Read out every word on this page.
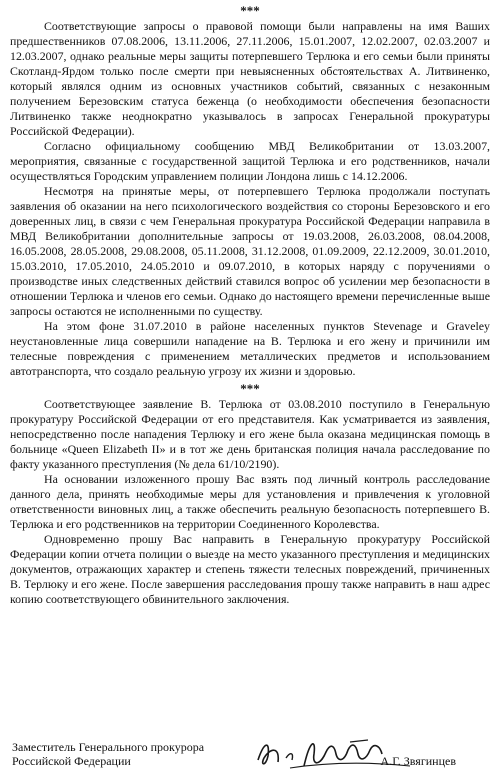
***

Соответствующие запросы о правовой помощи были направлены на имя Ваших предшественников 07.08.2006, 13.11.2006, 27.11.2006, 15.01.2007, 12.02.2007, 02.03.2007 и 12.03.2007, однако реальные меры защиты потерпевшего Терлюка и его семьи были приняты Скотланд-Ярдом только после смерти при невыясненных обстоятельствах А. Литвиненко, который являлся одним из основных участников событий, связанных с незаконным получением Березовским статуса беженца (о необходимости обеспечения безопасности Литвиненко также неоднократно указывалось в запросах Генеральной прокуратуры Российской Федерации).

Согласно официальному сообщению МВД Великобритании от 13.03.2007, мероприятия, связанные с государственной защитой Терлюка и его родственников, начали осуществляться Городским управлением полиции Лондона лишь с 14.12.2006.

Несмотря на принятые меры, от потерпевшего Терлюка продолжали поступать заявления об оказании на него психологического воздействия со стороны Березовского и его доверенных лиц, в связи с чем Генеральная прокуратура Российской Федерации направила в МВД Великобритании дополнительные запросы от 19.03.2008, 26.03.2008, 08.04.2008, 16.05.2008, 28.05.2008, 29.08.2008, 05.11.2008, 31.12.2008, 01.09.2009, 22.12.2009, 30.01.2010, 15.03.2010, 17.05.2010, 24.05.2010 и 09.07.2010, в которых наряду с поручениями о производстве иных следственных действий ставился вопрос об усилении мер безопасности в отношении Терлюка и членов его семьи. Однако до настоящего времени перечисленные выше запросы остаются не исполненными по существу.

На этом фоне 31.07.2010 в районе населенных пунктов Stevenage и Graveley неустановленные лица совершили нападение на В. Терлюка и его жену и причинили им телесные повреждения с применением металлических предметов и использованием автотранспорта, что создало реальную угрозу их жизни и здоровью.

***

Соответствующее заявление В. Терлюка от 03.08.2010 поступило в Генеральную прокуратуру Российской Федерации от его представителя. Как усматривается из заявления, непосредственно после нападения Терлюку и его жене была оказана медицинская помощь в больнице «Queen Elizabeth II» и в тот же день британская полиция начала расследование по факту указанного преступления (№ дела 61/10/2190).

На основании изложенного прошу Вас взять под личный контроль расследование данного дела, принять необходимые меры для установления и привлечения к уголовной ответственности виновных лиц, а также обеспечить реальную безопасность потерпевшего В. Терлюка и его родственников на территории Соединенного Королевства.

Одновременно прошу Вас направить в Генеральную прокуратуру Российской Федерации копии отчета полиции о выезде на место указанного преступления и медицинских документов, отражающих характер и степень тяжести телесных повреждений, причиненных В. Терлюку и его жене. После завершения расследования прошу также направить в наш адрес копию соответствующего обвинительного заключения.

Заместитель Генерального прокурора
Российской Федерации	А.Г. Звягинцев
